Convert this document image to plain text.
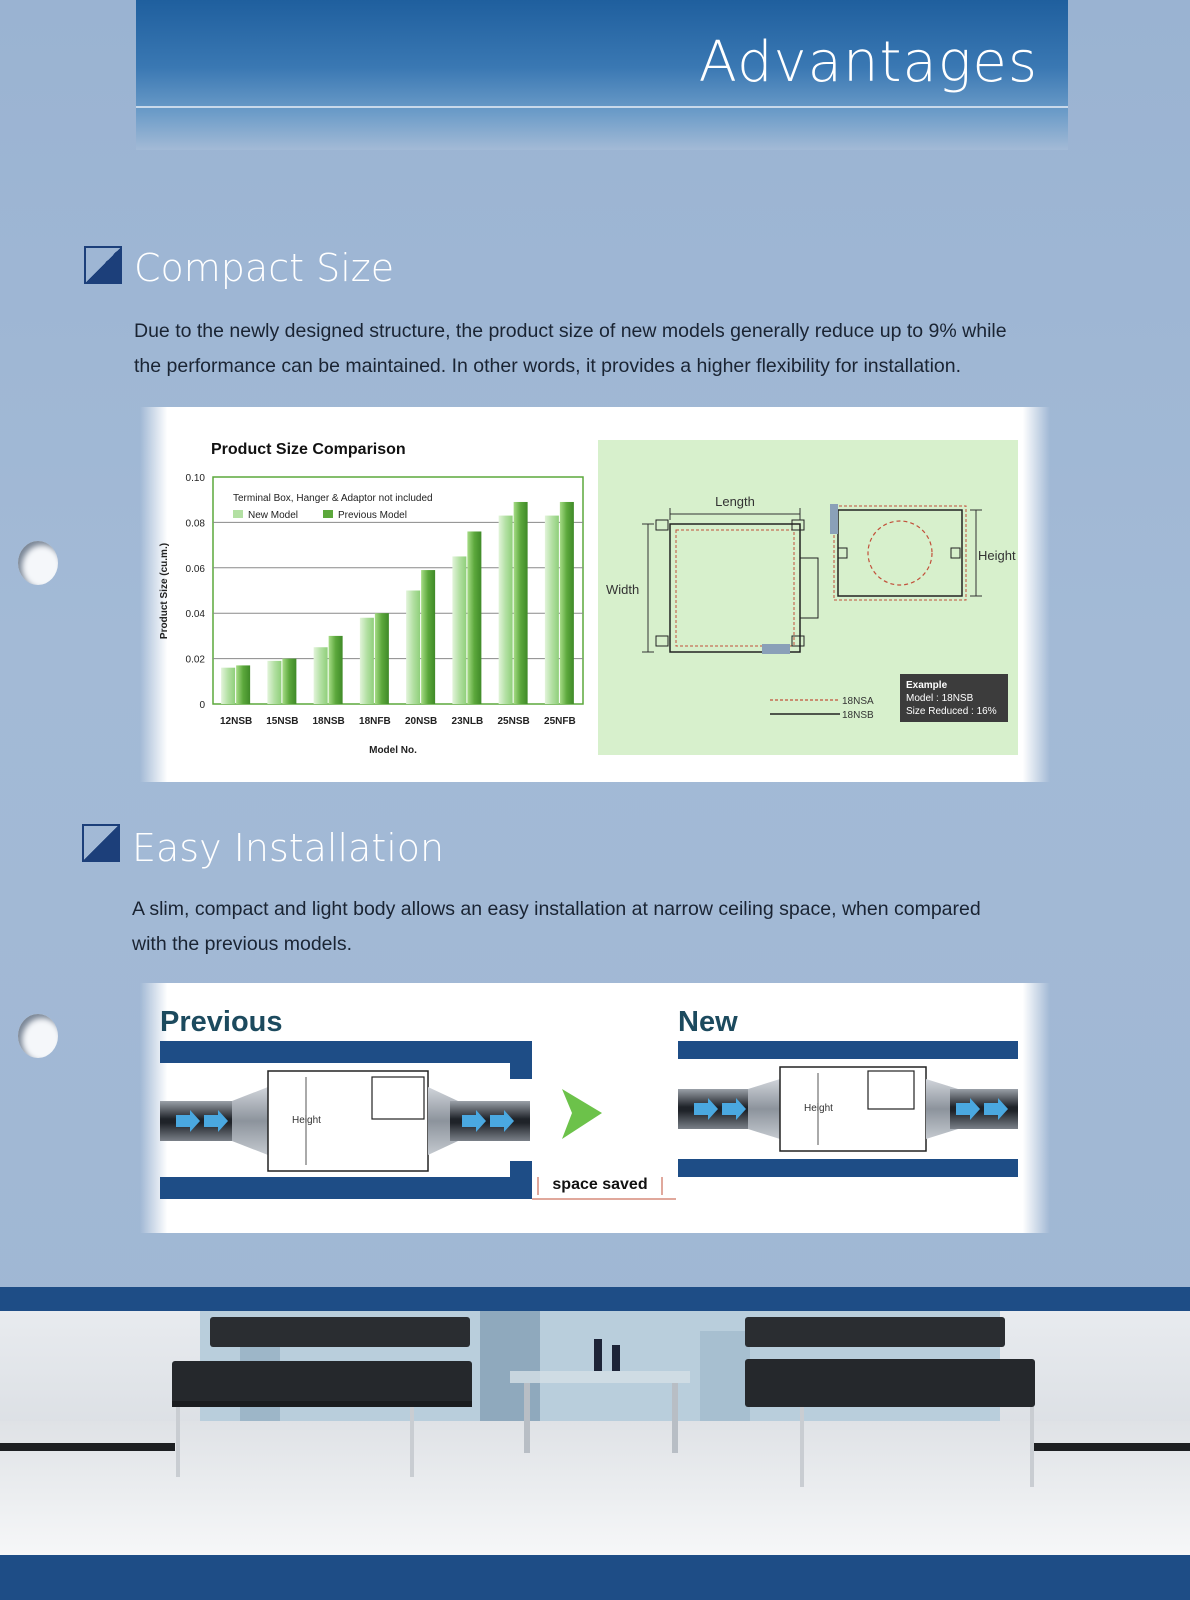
Advantages
Compact Size
Due to the newly designed structure, the product size of new models generally reduce up to 9% while
the performance can be maintained. In other words, it provides a higher flexibility for installation.
Product Size Comparison
Terminal Box, Hanger & Adaptor not included
New Model	Previous Model
Product Size (cu.m.)
Model No.
0.10
0.08
0.06
0.04
0.02
0
12NSB 15NSB 18NSB 18NFB 20NSB 23NLB 25NSB 25NFB
Length
Width
Height
18NSA
18NSB
Example
Model : 18NSB
Size Reduced : 16%
Easy Installation
A slim, compact and light body allows an easy installation at narrow ceiling space, when compared
with the previous models.
Previous
Height
space saved
New
Height
